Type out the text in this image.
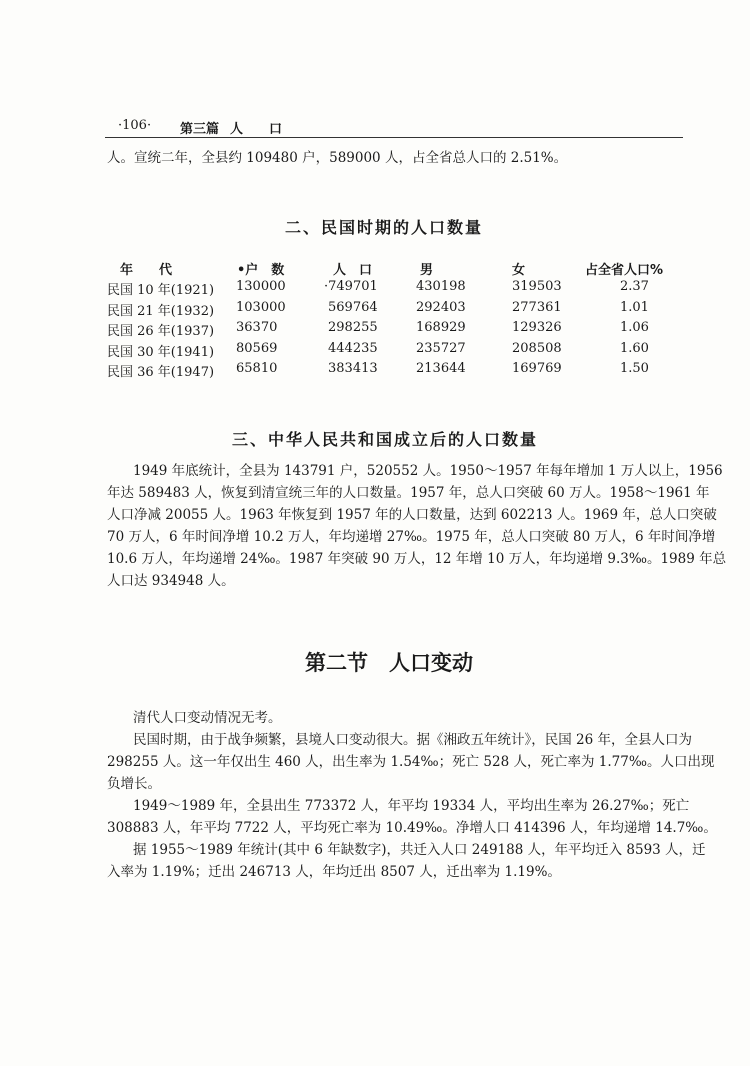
·106· 第三篇 人　　口
人。宣统二年，全县约 109480 户，589000 人，占全省总人口的 2.51%。
二、民国时期的人口数量
年　　代	•户　数	人　口	男	女	占全省人口%
民国 10 年(1921) 130000	·749701	430198	319503	2.37
民国 21 年(1932) 103000	569764	292403	277361	1.01
民国 26 年(1937) 36370	298255	168929	129326	1.06
民国 30 年(1941) 80569	444235	235727	208508	1.60
民国 36 年(1947) 65810	383413	213644	169769	1.50
三、中华人民共和国成立后的人口数量
1949 年底统计，全县为 143791 户，520552 人。1950～1957 年每年增加 1 万人以上，1956
年达 589483 人，恢复到清宣统三年的人口数量。1957 年，总人口突破 60 万人。1958～1961 年
人口净减 20055 人。1963 年恢复到 1957 年的人口数量，达到 602213 人。1969 年，总人口突破
70 万人，6 年时间净增 10.2 万人，年均递增 27‰。1975 年，总人口突破 80 万人，6 年时间净增
10.6 万人，年均递增 24‰。1987 年突破 90 万人，12 年增 10 万人，年均递增 9.3‰。1989 年总
人口达 934948 人。
第二节　人口变动
清代人口变动情况无考。
民国时期，由于战争频繁，县境人口变动很大。据《湘政五年统计》，民国 26 年，全县人口为
298255 人。这一年仅出生 460 人，出生率为 1.54‰；死亡 528 人，死亡率为 1.77‰。人口出现
负增长。
1949～1989 年，全县出生 773372 人，年平均 19334 人，平均出生率为 26.27‰；死亡
308883 人，年平均 7722 人，平均死亡率为 10.49‰。净增人口 414396 人，年均递增 14.7‰。
据 1955～1989 年统计(其中 6 年缺数字)，共迁入人口 249188 人，年平均迁入 8593 人，迁
入率为 1.19%；迁出 246713 人，年均迁出 8507 人，迁出率为 1.19%。
